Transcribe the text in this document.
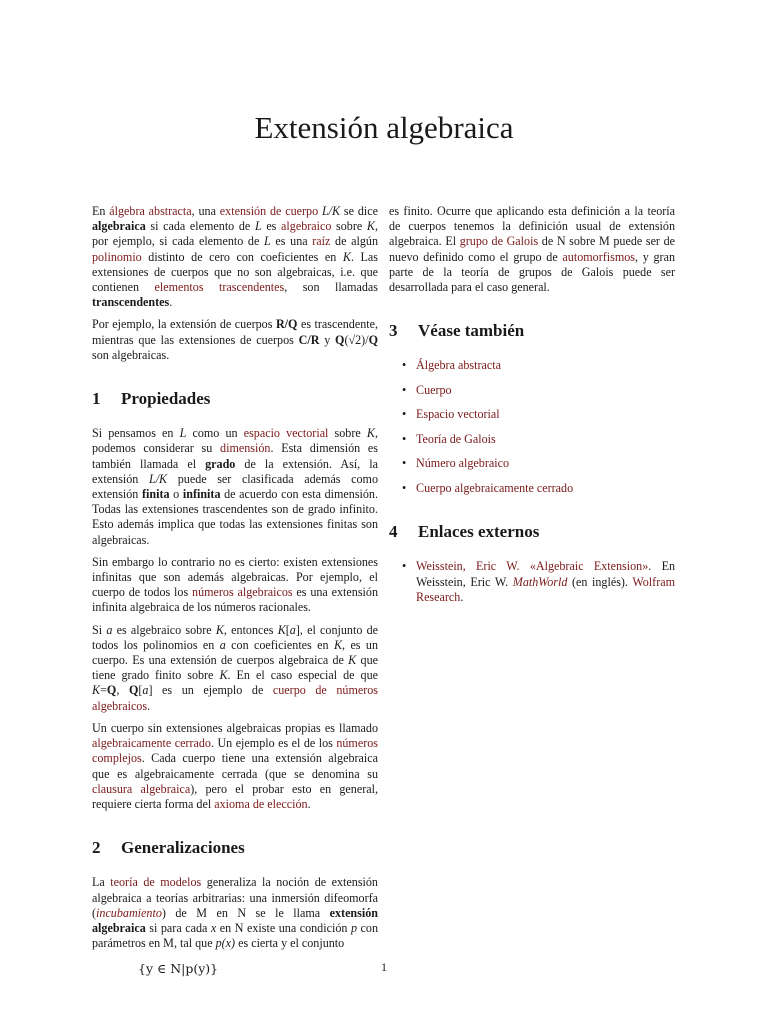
Extensión algebraica

En álgebra abstracta, una extensión de cuerpo L/K se dice algebraica si cada elemento de L es algebraico sobre K, por ejemplo, si cada elemento de L es una raíz de algún polinomio distinto de cero con coeficientes en K. Las extensiones de cuerpos que no son algebraicas, i.e. que contienen elementos trascendentes, son llamadas transcendentes.

Por ejemplo, la extensión de cuerpos R/Q es trascendente, mientras que las extensiones de cuerpos C/R y Q(√2)/Q son algebraicas.

1 Propiedades

Si pensamos en L como un espacio vectorial sobre K, podemos considerar su dimensión. Esta dimensión es también llamada el grado de la extensión. Así, la extensión L/K puede ser clasificada además como extensión finita o infinita de acuerdo con esta dimensión. Todas las extensiones trascendentes son de grado infinito. Esto además implica que todas las extensiones finitas son algebraicas.

Sin embargo lo contrario no es cierto: existen extensiones infinitas que son además algebraicas. Por ejemplo, el cuerpo de todos los números algebraicos es una extensión infinita algebraica de los números racionales.

Si a es algebraico sobre K, entonces K[a], el conjunto de todos los polinomios en a con coeficientes en K, es un cuerpo. Es una extensión de cuerpos algebraica de K que tiene grado finito sobre K. En el caso especial de que K=Q, Q[a] es un ejemplo de cuerpo de números algebraicos.

Un cuerpo sin extensiones algebraicas propias es llamado algebraicamente cerrado. Un ejemplo es el de los números complejos. Cada cuerpo tiene una extensión algebraica que es algebraicamente cerrada (que se denomina su clausura algebraica), pero el probar esto en general, requiere cierta forma del axioma de elección.

2 Generalizaciones

La teoría de modelos generaliza la noción de extensión algebraica a teorías arbitrarias: una inmersión difeomorfa (incubamiento) de M en N se le llama extensión algebraica si para cada x en N existe una condición p con parámetros en M, tal que p(x) es cierta y el conjunto

{y ∈ N|p(y)}

es finito. Ocurre que aplicando esta definición a la teoría de cuerpos tenemos la definición usual de extensión algebraica. El grupo de Galois de N sobre M puede ser de nuevo definido como el grupo de automorfismos, y gran parte de la teoría de grupos de Galois puede ser desarrollada para el caso general.

3 Véase también
• Álgebra abstracta
• Cuerpo
• Espacio vectorial
• Teoría de Galois
• Número algebraico
• Cuerpo algebraicamente cerrado
4 Enlaces externos

• Weisstein, Eric W. «Algebraic Extension». En Weisstein, Eric W. MathWorld (en inglés). Wolfram Research.

1
